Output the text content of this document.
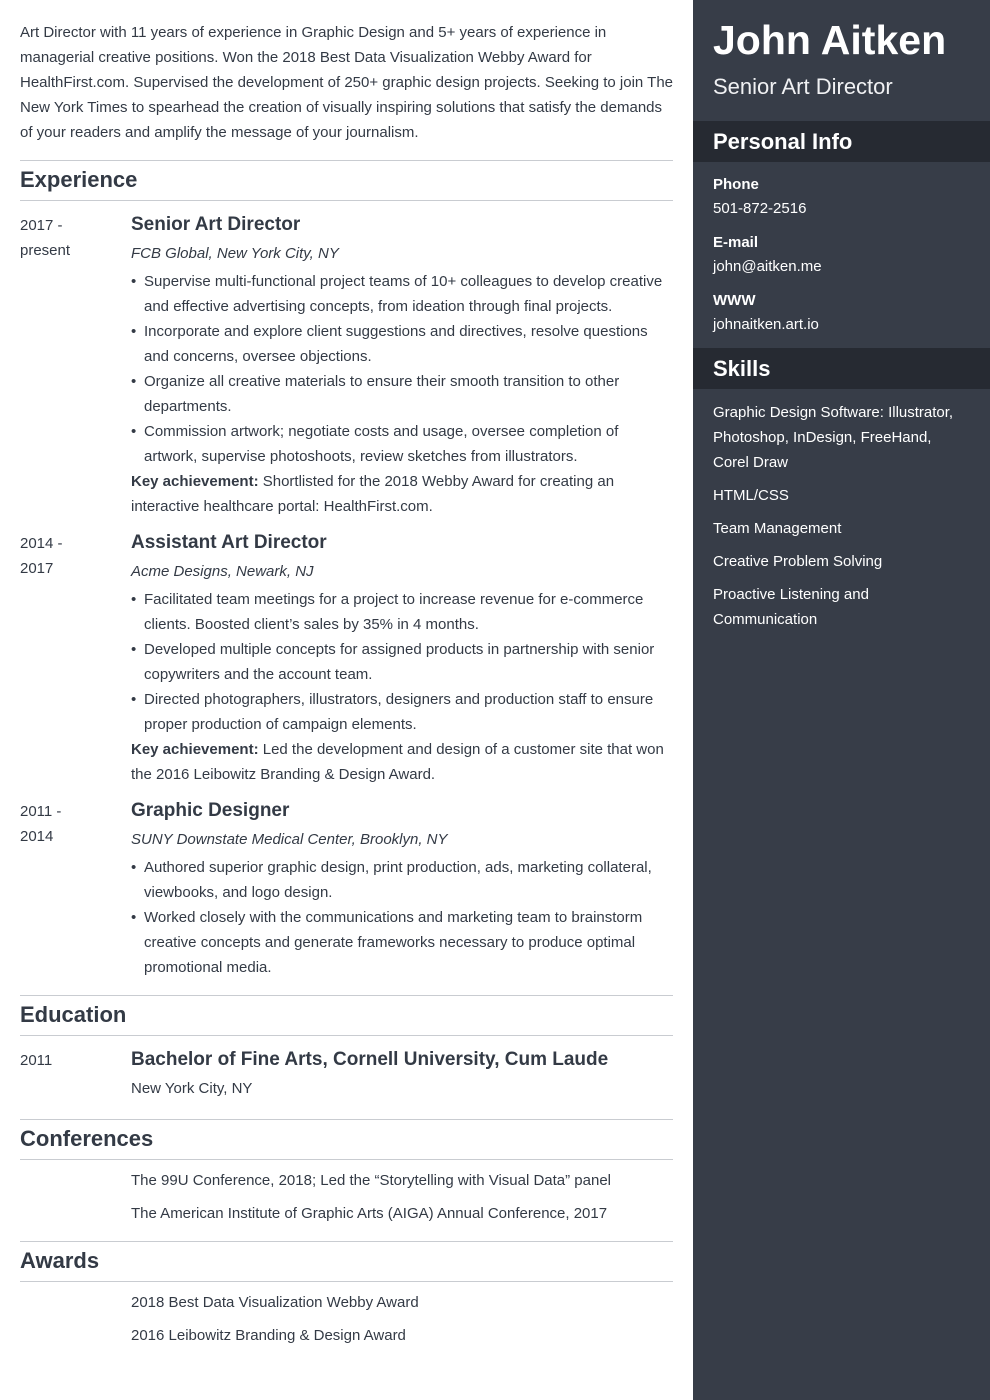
Art Director with 11 years of experience in Graphic Design and 5+ years of experience in managerial creative positions. Won the 2018 Best Data Visualization Webby Award for HealthFirst.com. Supervised the development of 250+ graphic design projects. Seeking to join The New York Times to spearhead the creation of visually inspiring solutions that satisfy the demands of your readers and amplify the message of your journalism.

Experience
2017 -
present
Senior Art Director
FCB Global, New York City, NY
• Supervise multi-functional project teams of 10+ colleagues to develop creative and effective advertising concepts, from ideation through final projects.
• Incorporate and explore client suggestions and directives, resolve questions and concerns, oversee objections.
• Organize all creative materials to ensure their smooth transition to other departments.
• Commission artwork; negotiate costs and usage, oversee completion of artwork, supervise photoshoots, review sketches from illustrators.
Key achievement: Shortlisted for the 2018 Webby Award for creating an interactive healthcare portal: HealthFirst.com.
2014 -
2017
Assistant Art Director
Acme Designs, Newark, NJ
• Facilitated team meetings for a project to increase revenue for e-commerce clients. Boosted client’s sales by 35% in 4 months.
• Developed multiple concepts for assigned products in partnership with senior copywriters and the account team.
• Directed photographers, illustrators, designers and production staff to ensure proper production of campaign elements.
Key achievement: Led the development and design of a customer site that won the 2016 Leibowitz Branding & Design Award.
2011 -
2014
Graphic Designer
SUNY Downstate Medical Center, Brooklyn, NY
• Authored superior graphic design, print production, ads, marketing collateral, viewbooks, and logo design.
• Worked closely with the communications and marketing team to brainstorm creative concepts and generate frameworks necessary to produce optimal promotional media.
Education
2011	Bachelor of Fine Arts, Cornell University, Cum Laude
New York City, NY
Conferences
The 99U Conference, 2018; Led the “Storytelling with Visual Data” panel
The American Institute of Graphic Arts (AIGA) Annual Conference, 2017
Awards
2018 Best Data Visualization Webby Award
2016 Leibowitz Branding & Design Award
John Aitken
Senior Art Director
Personal Info
Phone
501-872-2516
E-mail
john@aitken.me
WWW
johnaitken.art.io
Skills
Graphic Design Software: Illustrator, Photoshop, InDesign, FreeHand, Corel Draw
HTML/CSS
Team Management
Creative Problem Solving
Proactive Listening and Communication
